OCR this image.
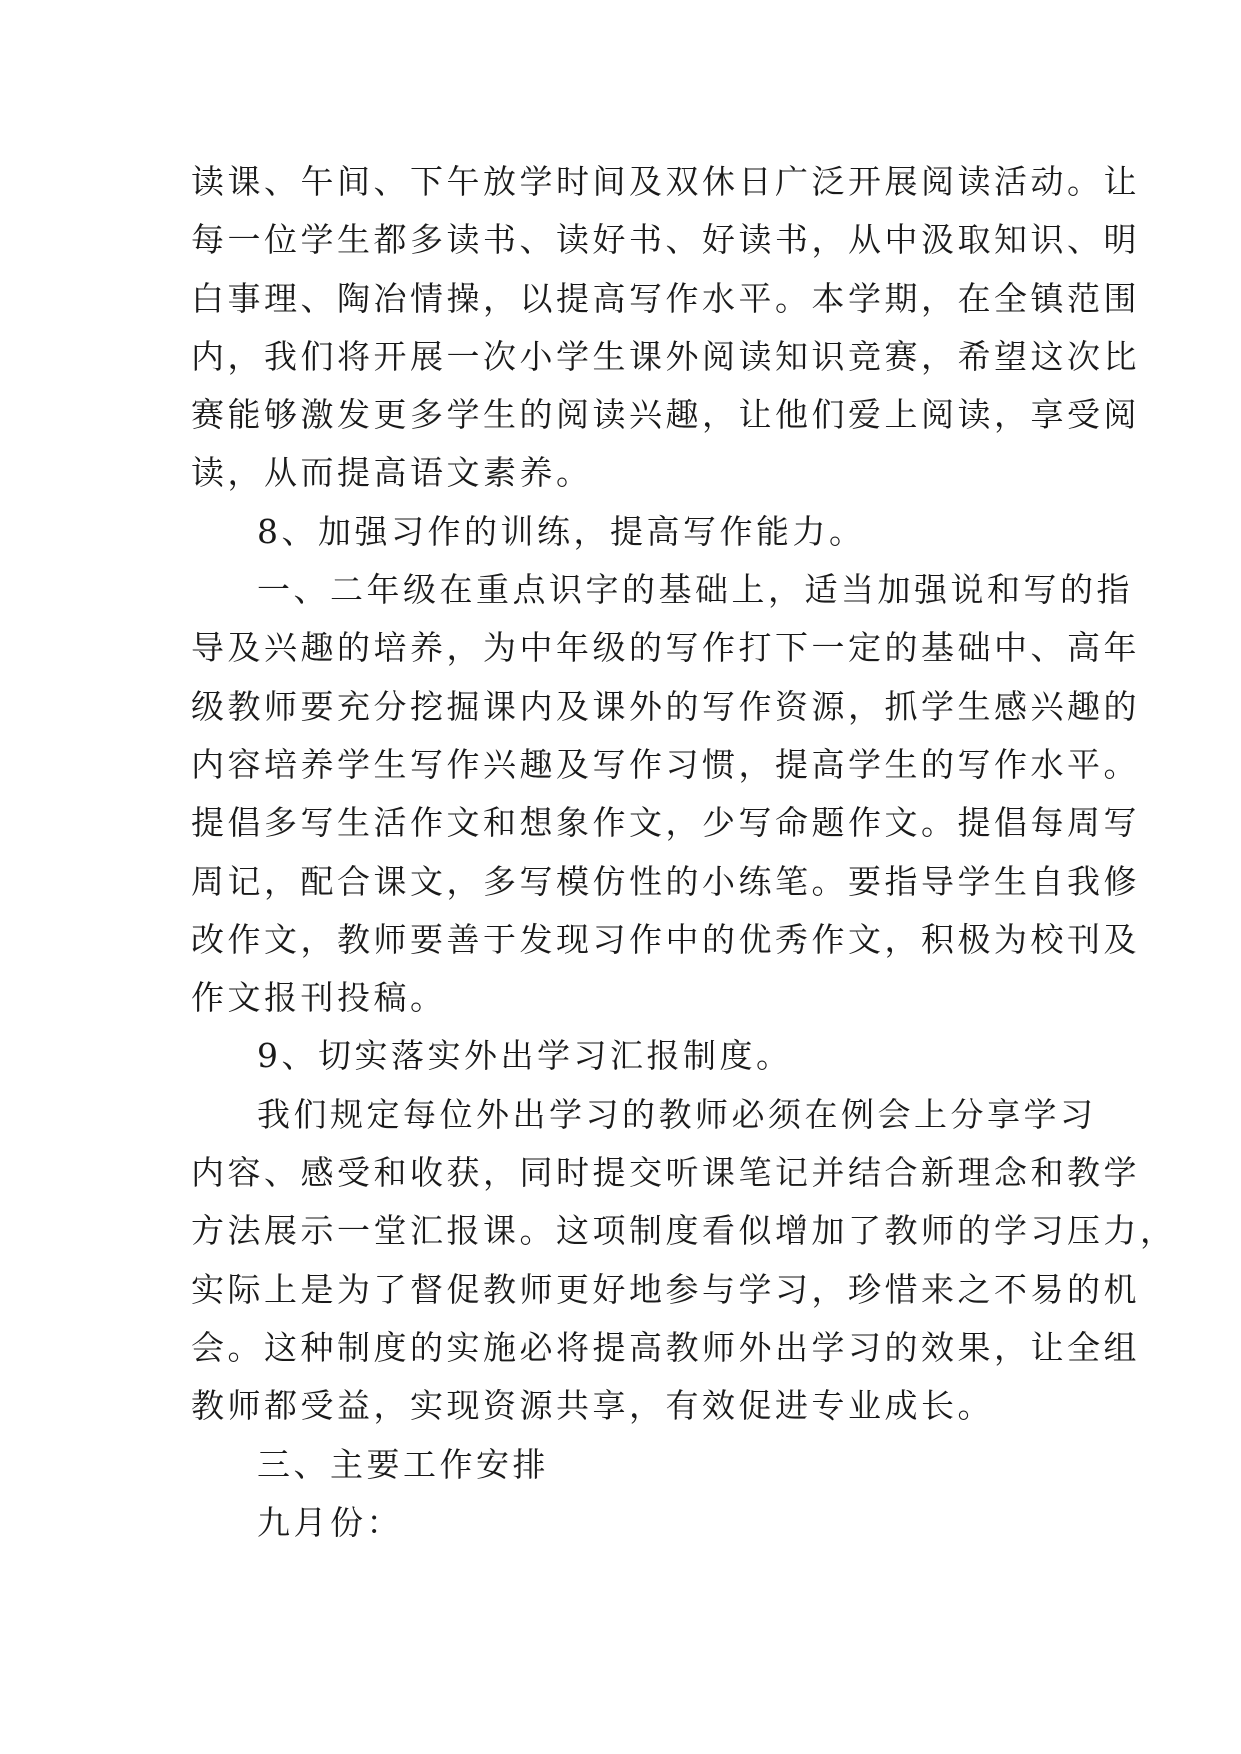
读课、午间、下午放学时间及双休日广泛开展阅读活动。让
每一位学生都多读书、读好书、好读书，从中汲取知识、明
白事理、陶冶情操，以提高写作水平。本学期，在全镇范围
内，我们将开展一次小学生课外阅读知识竞赛，希望这次比
赛能够激发更多学生的阅读兴趣，让他们爱上阅读，享受阅
读，从而提高语文素养。
8、加强习作的训练，提高写作能力。
一、二年级在重点识字的基础上，适当加强说和写的指
导及兴趣的培养，为中年级的写作打下一定的基础中、高年
级教师要充分挖掘课内及课外的写作资源，抓学生感兴趣的
内容培养学生写作兴趣及写作习惯，提高学生的写作水平。
提倡多写生活作文和想象作文，少写命题作文。提倡每周写
周记，配合课文，多写模仿性的小练笔。要指导学生自我修
改作文，教师要善于发现习作中的优秀作文，积极为校刊及
作文报刊投稿。
9、切实落实外出学习汇报制度。
我们规定每位外出学习的教师必须在例会上分享学习
内容、感受和收获，同时提交听课笔记并结合新理念和教学
方法展示一堂汇报课。这项制度看似增加了教师的学习压力，
实际上是为了督促教师更好地参与学习，珍惜来之不易的机
会。这种制度的实施必将提高教师外出学习的效果，让全组
教师都受益，实现资源共享，有效促进专业成长。
三、主要工作安排
九月份：
